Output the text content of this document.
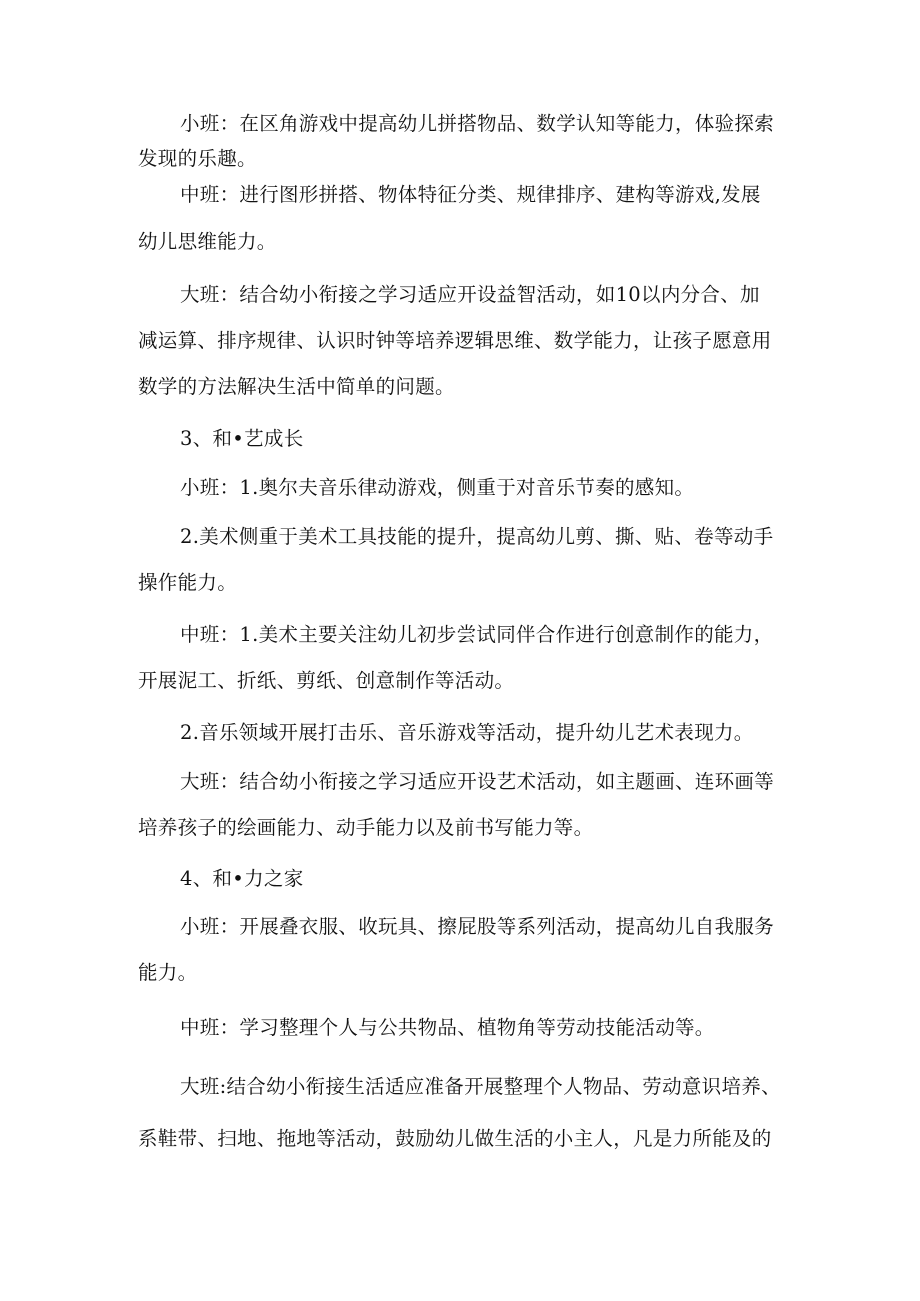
小班：在区角游戏中提高幼儿拼搭物品、数学认知等能力，体验探索
发现的乐趣。
中班：进行图形拼搭、物体特征分类、规律排序、建构等游戏,发展
幼儿思维能力。
大班：结合幼小衔接之学习适应开设益智活动，如10以内分合、加
减运算、排序规律、认识时钟等培养逻辑思维、数学能力，让孩子愿意用
数学的方法解决生活中简单的问题。
3、和•艺成长
小班：1.奥尔夫音乐律动游戏，侧重于对音乐节奏的感知。
2.美术侧重于美术工具技能的提升，提高幼儿剪、撕、贴、卷等动手
操作能力。
中班：1.美术主要关注幼儿初步尝试同伴合作进行创意制作的能力，
开展泥工、折纸、剪纸、创意制作等活动。
2.音乐领域开展打击乐、音乐游戏等活动，提升幼儿艺术表现力。
大班：结合幼小衔接之学习适应开设艺术活动，如主题画、连环画等
培养孩子的绘画能力、动手能力以及前书写能力等。
4、和•力之家
小班：开展叠衣服、收玩具、擦屁股等系列活动，提高幼儿自我服务
能力。
中班：学习整理个人与公共物品、植物角等劳动技能活动等。
大班:结合幼小衔接生活适应准备开展整理个人物品、劳动意识培养、
系鞋带、扫地、拖地等活动，鼓励幼儿做生活的小主人，凡是力所能及的
